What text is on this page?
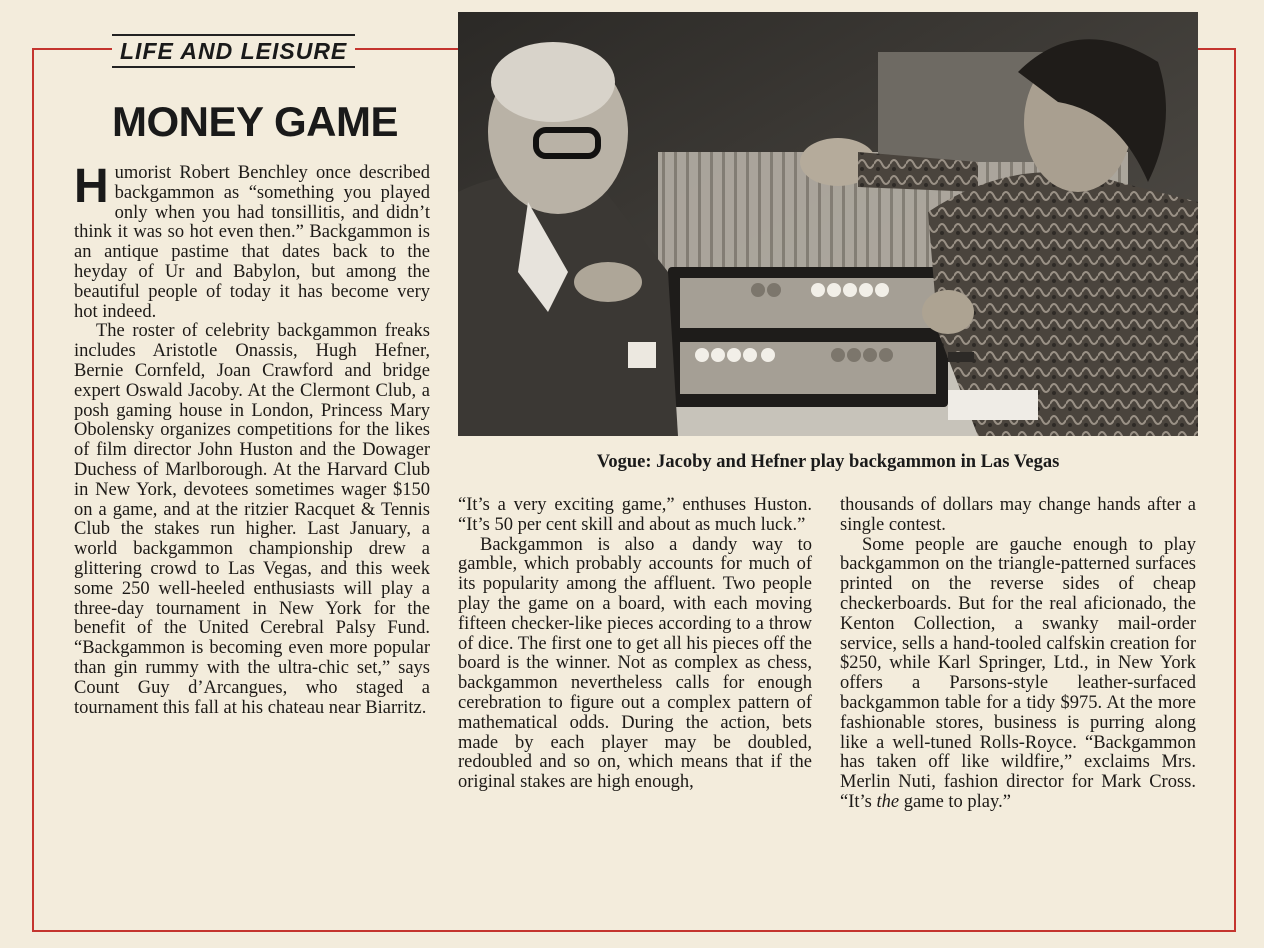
LIFE AND LEISURE
MONEY GAME

Humorist Robert Benchley once described backgammon as “something you played only when you had tonsillitis, and didn’t think it was so hot even then.” Backgammon is an antique pastime that dates back to the heyday of Ur and Babylon, but among the beautiful people of today it has become very hot indeed.

The roster of celebrity backgammon freaks includes Aristotle Onassis, Hugh Hefner, Bernie Cornfeld, Joan Crawford and bridge expert Oswald Jacoby. At the Clermont Club, a posh gaming house in London, Princess Mary Obolensky organizes competitions for the likes of film director John Huston and the Dowager Duchess of Marlborough. At the Harvard Club in New York, devotees sometimes wager $150 on a game, and at the ritzier Racquet & Tennis Club the stakes run higher. Last January, a world backgammon championship drew a glittering crowd to Las Vegas, and this week some 250 well-heeled enthusiasts will play a three-day tournament in New York for the benefit of the United Cerebral Palsy Fund. “Backgammon is becoming even more popular than gin rummy with the ultra-chic set,” says Count Guy d’Arcangues, who staged a tournament this fall at his chateau near Biarritz.

Vogue: Jacoby and Hefner play backgammon in Las Vegas

“It’s a very exciting game,” enthuses Huston. “It’s 50 per cent skill and about as much luck.”

Backgammon is also a dandy way to gamble, which probably accounts for much of its popularity among the affluent. Two people play the game on a board, with each moving fifteen checker-like pieces according to a throw of dice. The first one to get all his pieces off the board is the winner. Not as complex as chess, backgammon nevertheless calls for enough cerebration to figure out a complex pattern of mathematical odds. During the action, bets made by each player may be doubled, redoubled and so on, which means that if the original stakes are high enough,

thousands of dollars may change hands after a single contest.

Some people are gauche enough to play backgammon on the triangle-patterned surfaces printed on the reverse sides of cheap checkerboards. But for the real aficionado, the Kenton Collection, a swanky mail-order service, sells a hand-tooled calfskin creation for $250, while Karl Springer, Ltd., in New York offers a Parsons-style leather-surfaced backgammon table for a tidy $975. At the more fashionable stores, business is purring along like a well-tuned Rolls-Royce. “Backgammon has taken off like wildfire,” exclaims Mrs. Merlin Nuti, fashion director for Mark Cross. “It’s the game to play.”
